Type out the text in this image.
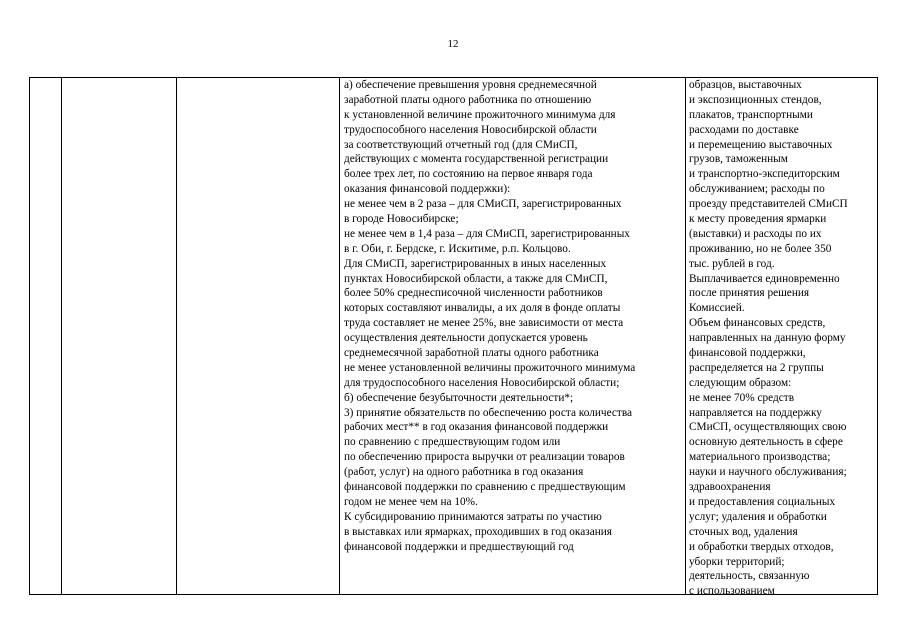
12
а) обеспечение превышения уровня среднемесячной
заработной платы одного работника по отношению
к установленной величине прожиточного минимума для
трудоспособного населения Новосибирской области
за соответствующий отчетный год (для СМиСП,
действующих с момента государственной регистрации
более трех лет, по состоянию на первое января года
оказания финансовой поддержки):
не менее чем в 2 раза – для СМиСП, зарегистрированных
в городе Новосибирске;
не менее чем в 1,4 раза – для СМиСП, зарегистрированных
в г. Оби, г. Бердске, г. Искитиме, р.п. Кольцово.
Для СМиСП, зарегистрированных в иных населенных
пунктах Новосибирской области, а также для СМиСП,
более 50% среднесписочной численности работников
которых составляют инвалиды, а их доля в фонде оплаты
труда составляет не менее 25%, вне зависимости от места
осуществления деятельности допускается уровень
среднемесячной заработной платы одного работника
не менее установленной величины прожиточного минимума
для трудоспособного населения Новосибирской области;
б) обеспечение безубыточности деятельности*;
3) принятие обязательств по обеспечению роста количества
рабочих мест** в год оказания финансовой поддержки
по сравнению с предшествующим годом или
по обеспечению прироста выручки от реализации товаров
(работ, услуг) на одного работника в год оказания
финансовой поддержки по сравнению с предшествующим
годом не менее чем на 10%.
К субсидированию принимаются затраты по участию
в выставках или ярмарках, проходивших в год оказания
финансовой поддержки и предшествующий год
образцов, выставочных
и экспозиционных стендов,
плакатов, транспортными
расходами по доставке
и перемещению выставочных
грузов, таможенным
и транспортно-экспедиторским
обслуживанием; расходы по
проезду представителей СМиСП
к месту проведения ярмарки
(выставки) и расходы по их
проживанию, но не более 350
тыс. рублей в год.
Выплачивается единовременно
после принятия решения
Комиссией.
Объем финансовых средств,
направленных на данную форму
финансовой поддержки,
распределяется на 2 группы
следующим образом:
не менее 70% средств
направляется на поддержку
СМиСП, осуществляющих свою
основную деятельность в сфере
материального производства;
науки и научного обслуживания;
здравоохранения
и предоставления социальных
услуг; удаления и обработки
сточных вод, удаления
и обработки твердых отходов,
уборки территорий;
деятельность, связанную
с использованием
